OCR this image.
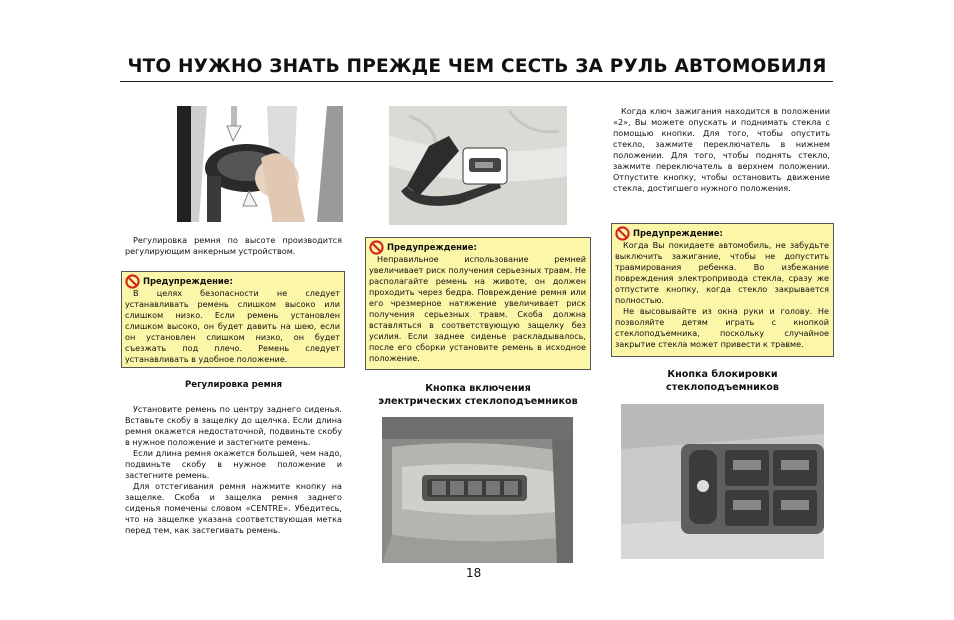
ЧТО НУЖНО ЗНАТЬ ПРЕЖДЕ ЧЕМ СЕСТЬ ЗА РУЛЬ АВТОМОБИЛЯ

Регулировка ремня по высоте производится регулирующим анкерным устройством.

Предупреждение:

В целях безопасности не следует устанавливать ремень слишком высоко или слишком низко. Если ремень установлен слишком высоко, он будет давить на шею, если он установлен слишком низко, он будет съезжать под плечо. Ремень следует устанавливать в удобное положение.

Регулировка ремня

Установите ремень по центру заднего сиденья. Вставьте скобу в защелку до щелчка. Если длина ремня окажется недостаточной, подвиньте скобу в нужное положение и застегните ремень.

Если длина ремня окажется большей, чем надо, подвиньте скобу в нужное положение и застегните ремень.

Для отстегивания ремня нажмите кнопку на защелке. Скоба и защелка ремня заднего сиденья помечены словом «CENTRE». Убедитесь, что на защелке указана соответствующая метка перед тем, как застегивать ремень.

Предупреждение:

Неправильное использование ремней увеличивает риск получения серьезных травм. Не располагайте ремень на животе, он должен проходить через бедра. Повреждение ремня или его чрезмерное натяжение увеличивает риск получения серьезных травм. Скоба должна вставляться в соответствующую защелку без усилия. Если заднее сиденье раскладывалось, после его сборки установите ремень в исходное положение.

Кнопка включения
электрических стеклоподъемников

Когда ключ зажигания находится в положении «2», Вы можете опускать и поднимать стекла с помощью кнопки. Для того, чтобы опустить стекло, зажмите переключатель в нижнем положении. Для того, чтобы поднять стекло, зажмите переключатель в верхнем положении. Отпустите кнопку, чтобы остановить движение стекла, достигшего нужного положения.

Предупреждение:

Когда Вы покидаете автомобиль, не забудьте выключить зажигание, чтобы не допустить травмирования ребенка. Во избежание повреждения электропривода стекла, сразу же отпустите кнопку, когда стекло закрывается полностью.

Не высовывайте из окна руки и голову. Не позволяйте детям играть с кнопкой стеклоподъемника, поскольку случайное закрытие стекла может привести к травме.

Кнопка блокировки
стеклоподъемников
18
